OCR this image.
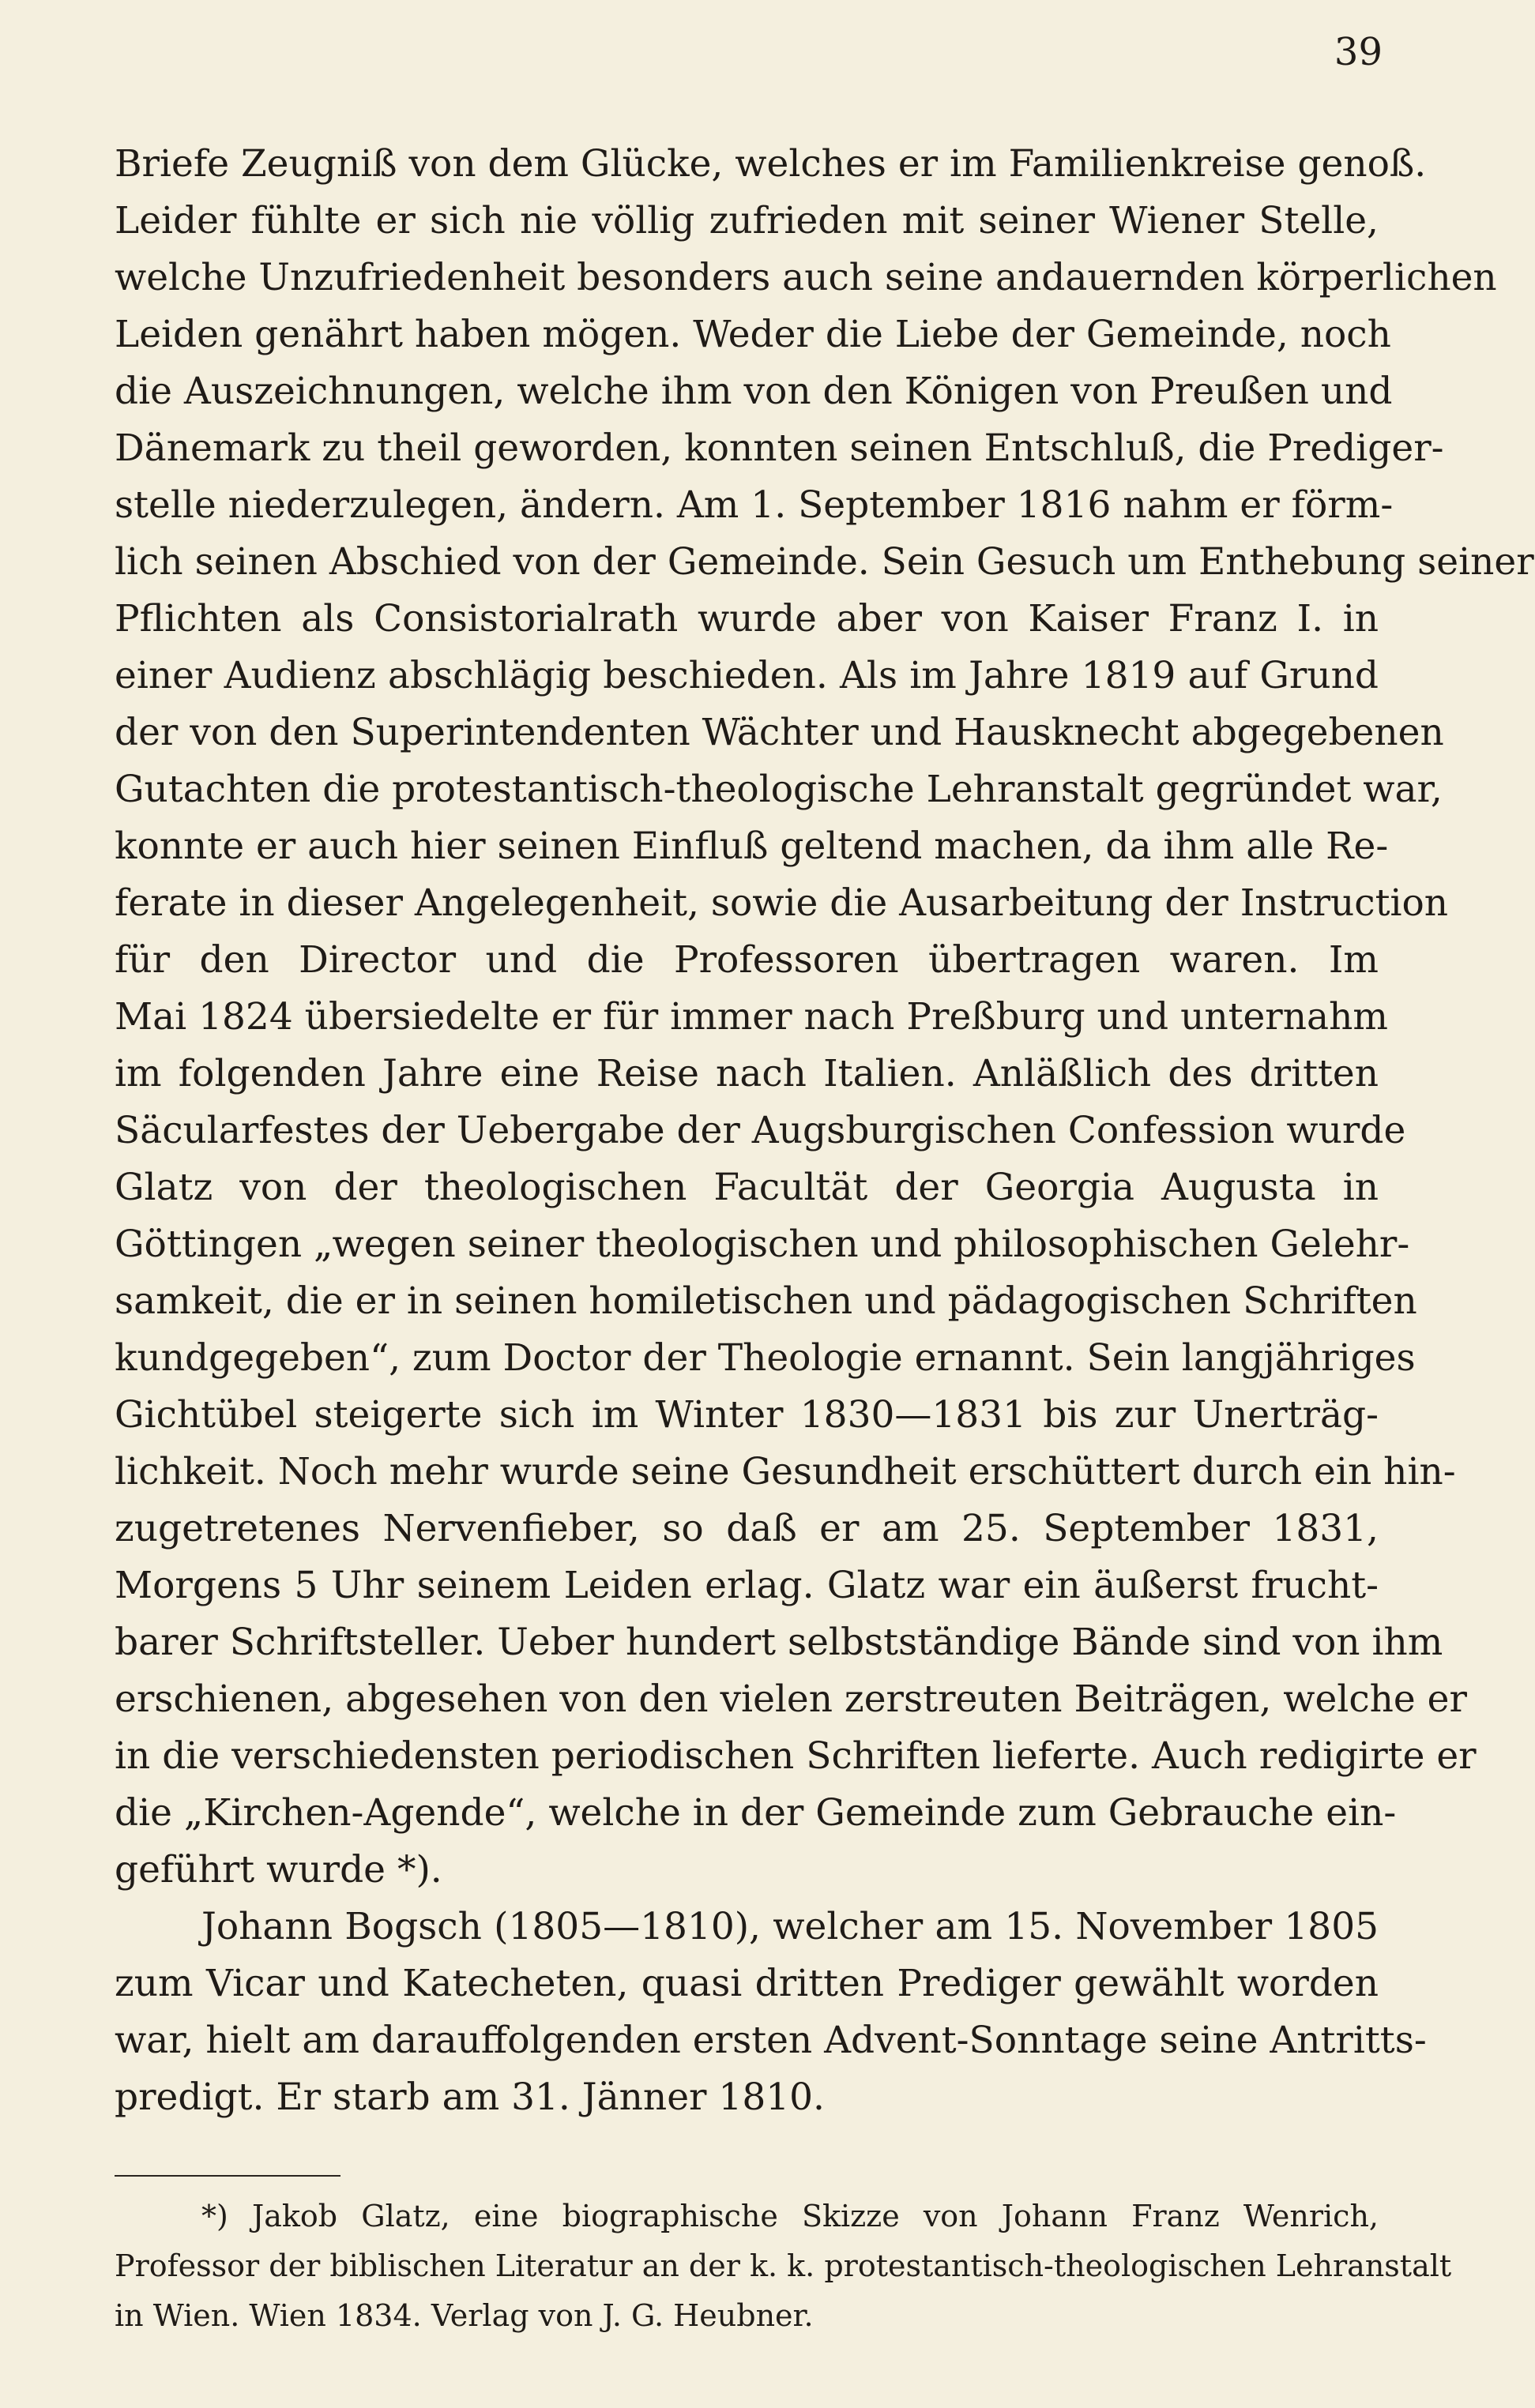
39
Briefe Zeugniß von dem Glücke, welches er im Familienkreise genoß.
Leider fühlte er sich nie völlig zufrieden mit seiner Wiener Stelle,
welche Unzufriedenheit besonders auch seine andauernden körperlichen
Leiden genährt haben mögen. Weder die Liebe der Gemeinde, noch
die Auszeichnungen, welche ihm von den Königen von Preußen und
Dänemark zu theil geworden, konnten seinen Entschluß, die Prediger-
stelle niederzulegen, ändern. Am 1. September 1816 nahm er förm-
lich seinen Abschied von der Gemeinde. Sein Gesuch um Enthebung seiner
Pflichten als Consistorialrath wurde aber von Kaiser Franz I. in
einer Audienz abschlägig beschieden. Als im Jahre 1819 auf Grund
der von den Superintendenten Wächter und Hausknecht abgegebenen
Gutachten die protestantisch-theologische Lehranstalt gegründet war,
konnte er auch hier seinen Einfluß geltend machen, da ihm alle Re-
ferate in dieser Angelegenheit, sowie die Ausarbeitung der Instruction
für den Director und die Professoren übertragen waren. Im
Mai 1824 übersiedelte er für immer nach Preßburg und unternahm
im folgenden Jahre eine Reise nach Italien. Anläßlich des dritten
Säcularfestes der Uebergabe der Augsburgischen Confession wurde
Glatz von der theologischen Facultät der Georgia Augusta in
Göttingen „wegen seiner theologischen und philosophischen Gelehr-
samkeit, die er in seinen homiletischen und pädagogischen Schriften
kundgegeben“, zum Doctor der Theologie ernannt. Sein langjähriges
Gichtübel steigerte sich im Winter 1830—1831 bis zur Unerträg-
lichkeit. Noch mehr wurde seine Gesundheit erschüttert durch ein hin-
zugetretenes Nervenfieber, so daß er am 25. September 1831,
Morgens 5 Uhr seinem Leiden erlag. Glatz war ein äußerst frucht-
barer Schriftsteller. Ueber hundert selbstständige Bände sind von ihm
erschienen, abgesehen von den vielen zerstreuten Beiträgen, welche er
in die verschiedensten periodischen Schriften lieferte. Auch redigirte er
die „Kirchen-Agende“, welche in der Gemeinde zum Gebrauche ein-
geführt wurde *).
Johann Bogsch (1805—1810), welcher am 15. November 1805
zum Vicar und Katecheten, quasi dritten Prediger gewählt worden
war, hielt am darauffolgenden ersten Advent-Sonntage seine Antritts-
predigt. Er starb am 31. Jänner 1810.
*) Jakob Glatz, eine biographische Skizze von Johann Franz Wenrich,
Professor der biblischen Literatur an der k. k. protestantisch-theologischen Lehranstalt
in Wien. Wien 1834. Verlag von J. G. Heubner.
